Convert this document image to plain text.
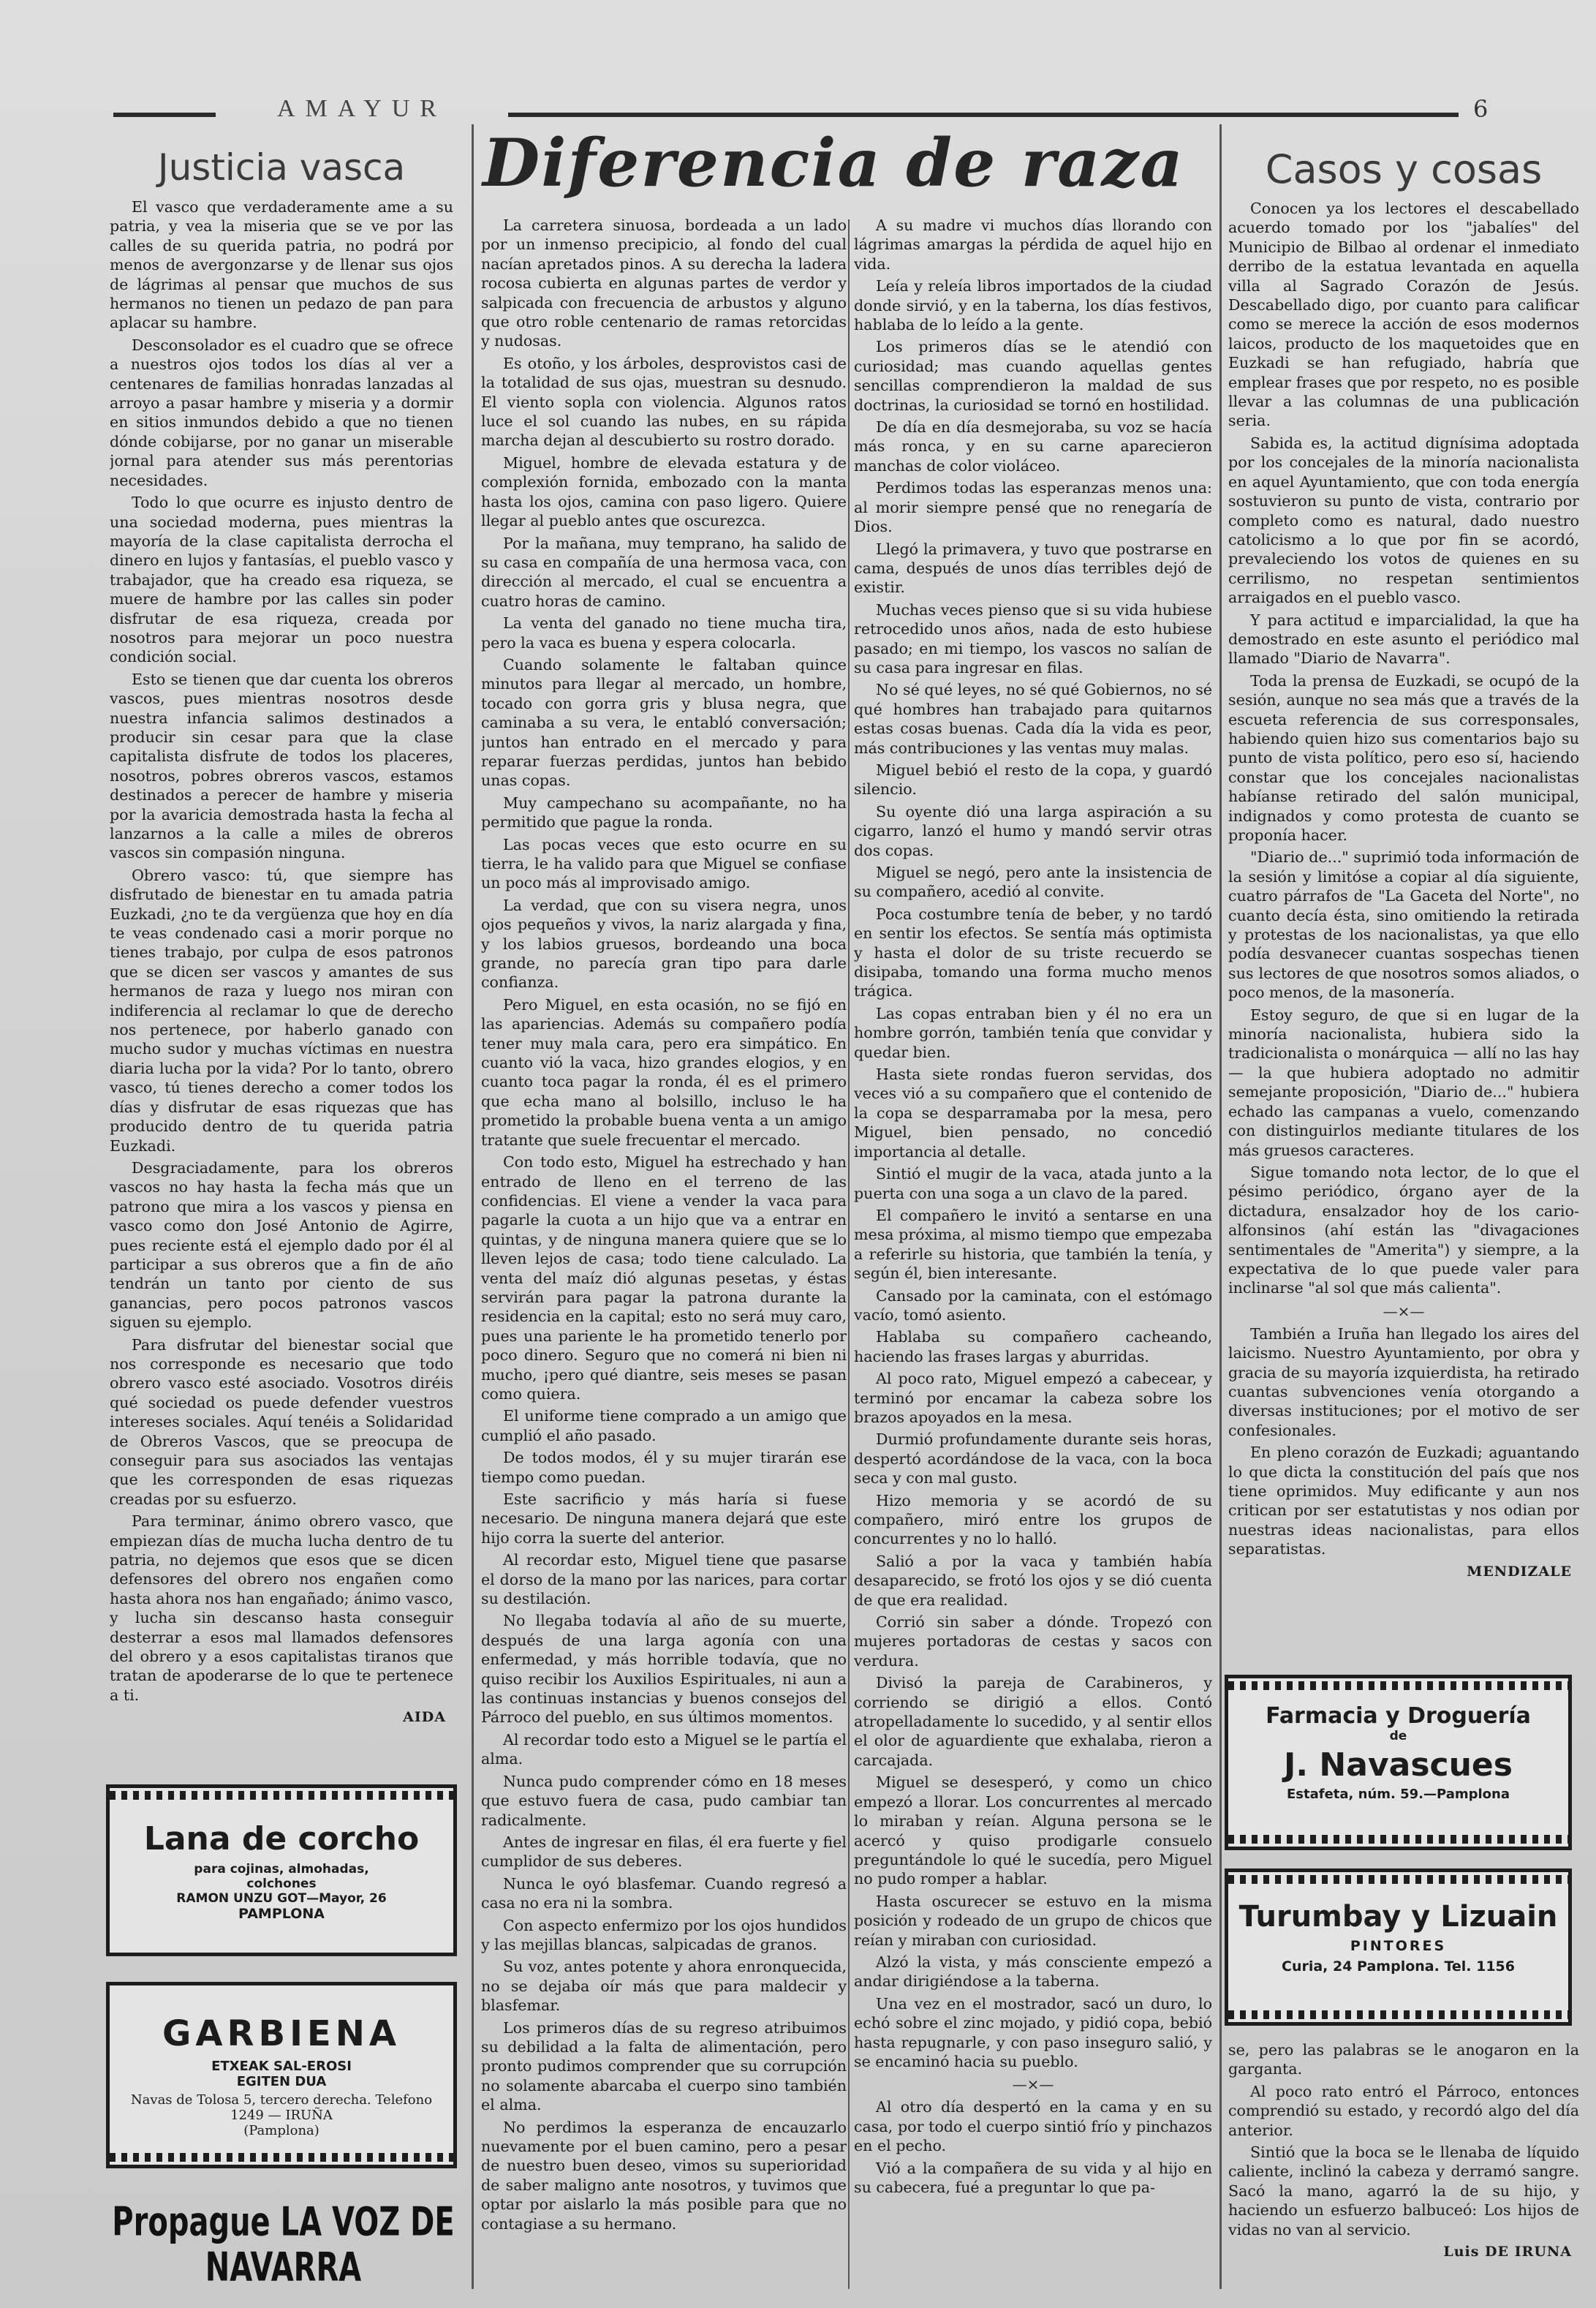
AMAYUR	6
Justicia vasca

El vasco que verdaderamente ame a su patria, y vea la miseria que se ve por las calles de su querida patria, no podrá por menos de avergonzarse y de llenar sus ojos de lágrimas al pensar que muchos de sus hermanos no tienen un pedazo de pan para aplacar su hambre.

Desconsolador es el cuadro que se ofrece a nuestros ojos todos los días al ver a centenares de familias honradas lanzadas al arroyo a pasar hambre y miseria y a dormir en sitios inmundos debido a que no tienen dónde cobijarse, por no ganar un miserable jornal para atender sus más perentorias necesidades.

Todo lo que ocurre es injusto dentro de una sociedad moderna, pues mientras la mayoría de la clase capitalista derrocha el dinero en lujos y fantasías, el pueblo vasco y trabajador, que ha creado esa riqueza, se muere de hambre por las calles sin poder disfrutar de esa riqueza, creada por nosotros para mejorar un poco nuestra condición social.

Esto se tienen que dar cuenta los obreros vascos, pues mientras nosotros desde nuestra infancia salimos destinados a producir sin cesar para que la clase capitalista disfrute de todos los placeres, nosotros, pobres obreros vascos, estamos destinados a perecer de hambre y miseria por la avaricia demostrada hasta la fecha al lanzarnos a la calle a miles de obreros vascos sin compasión ninguna.

Obrero vasco: tú, que siempre has disfrutado de bienestar en tu amada patria Euzkadi, ¿no te da vergüenza que hoy en día te veas condenado casi a morir porque no tienes trabajo, por culpa de esos patronos que se dicen ser vascos y amantes de sus hermanos de raza y luego nos miran con indiferencia al reclamar lo que de derecho nos pertenece, por haberlo ganado con mucho sudor y muchas víctimas en nuestra diaria lucha por la vida? Por lo tanto, obrero vasco, tú tienes derecho a comer todos los días y disfrutar de esas riquezas que has producido dentro de tu querida patria Euzkadi.

Desgraciadamente, para los obreros vascos no hay hasta la fecha más que un patrono que mira a los vascos y piensa en vasco como don José Antonio de Agirre, pues reciente está el ejemplo dado por él al participar a sus obreros que a fin de año tendrán un tanto por ciento de sus ganancias, pero pocos patronos vascos siguen su ejemplo.

Para disfrutar del bienestar social que nos corresponde es necesario que todo obrero vasco esté asociado. Vosotros diréis qué sociedad os puede defender vuestros intereses sociales. Aquí tenéis a Solidaridad de Obreros Vascos, que se preocupa de conseguir para sus asociados las ventajas que les corresponden de esas riquezas creadas por su esfuerzo.

Para terminar, ánimo obrero vasco, que empiezan días de mucha lucha dentro de tu patria, no dejemos que esos que se dicen defensores del obrero nos engañen como hasta ahora nos han engañado; ánimo vasco, y lucha sin descanso hasta conseguir desterrar a esos mal llamados defensores del obrero y a esos capitalistas tiranos que tratan de apoderarse de lo que te pertenece a ti.

AIDA
Lana de corcho
para cojinas, almohadas,
colchones
RAMON UNZU GOT—Mayor, 26
PAMPLONA
GARBIENA
ETXEAK SAL-EROSI
EGITEN DUA
Navas de Tolosa 5, tercero derecha. Telefono 1249 — IRUÑA
(Pamplona)
Propague LA VOZ DE NAVARRA
Diferencia de raza

La carretera sinuosa, bordeada a un lado por un inmenso precipicio, al fondo del cual nacían apretados pinos. A su derecha la ladera rocosa cubierta en algunas partes de verdor y salpicada con frecuencia de arbustos y alguno que otro roble centenario de ramas retorcidas y nudosas.

Es otoño, y los árboles, desprovistos casi de la totalidad de sus ojas, muestran su desnudo. El viento sopla con violencia. Algunos ratos luce el sol cuando las nubes, en su rápida marcha dejan al descubierto su rostro dorado.

Miguel, hombre de elevada estatura y de complexión fornida, embozado con la manta hasta los ojos, camina con paso ligero. Quiere llegar al pueblo antes que oscurezca.

Por la mañana, muy temprano, ha salido de su casa en compañía de una hermosa vaca, con dirección al mercado, el cual se encuentra a cuatro horas de camino.

La venta del ganado no tiene mucha tira, pero la vaca es buena y espera colocarla.

Cuando solamente le faltaban quince minutos para llegar al mercado, un hombre, tocado con gorra gris y blusa negra, que caminaba a su vera, le entabló conversación; juntos han entrado en el mercado y para reparar fuerzas perdidas, juntos han bebido unas copas.

Muy campechano su acompañante, no ha permitido que pague la ronda.

Las pocas veces que esto ocurre en su tierra, le ha valido para que Miguel se confiase un poco más al improvisado amigo.

La verdad, que con su visera negra, unos ojos pequeños y vivos, la nariz alargada y fina, y los labios gruesos, bordeando una boca grande, no parecía gran tipo para darle confianza.

Pero Miguel, en esta ocasión, no se fijó en las apariencias. Además su compañero podía tener muy mala cara, pero era simpático. En cuanto vió la vaca, hizo grandes elogios, y en cuanto toca pagar la ronda, él es el primero que echa mano al bolsillo, incluso le ha prometido la probable buena venta a un amigo tratante que suele frecuentar el mercado.

Con todo esto, Miguel ha estrechado y han entrado de lleno en el terreno de las confidencias. El viene a vender la vaca para pagarle la cuota a un hijo que va a entrar en quintas, y de ninguna manera quiere que se lo lleven lejos de casa; todo tiene calculado. La venta del maíz dió algunas pesetas, y éstas servirán para pagar la patrona durante la residencia en la capital; esto no será muy caro, pues una pariente le ha prometido tenerlo por poco dinero. Seguro que no comerá ni bien ni mucho, ¡pero qué diantre, seis meses se pasan como quiera.

El uniforme tiene comprado a un amigo que cumplió el año pasado.

De todos modos, él y su mujer tirarán ese tiempo como puedan.

Este sacrificio y más haría si fuese necesario. De ninguna manera dejará que este hijo corra la suerte del anterior.

Al recordar esto, Miguel tiene que pasarse el dorso de la mano por las narices, para cortar su destilación.

No llegaba todavía al año de su muerte, después de una larga agonía con una enfermedad, y más horrible todavía, que no quiso recibir los Auxilios Espirituales, ni aun a las continuas instancias y buenos consejos del Párroco del pueblo, en sus últimos momentos.

Al recordar todo esto a Miguel se le partía el alma.

Nunca pudo comprender cómo en 18 meses que estuvo fuera de casa, pudo cambiar tan radicalmente.

Antes de ingresar en filas, él era fuerte y fiel cumplidor de sus deberes.

Nunca le oyó blasfemar. Cuando regresó a casa no era ni la sombra.

Con aspecto enfermizo por los ojos hundidos y las mejillas blancas, salpicadas de granos.

Su voz, antes potente y ahora enronquecida, no se dejaba oír más que para maldecir y blasfemar.

Los primeros días de su regreso atribuimos su debilidad a la falta de alimentación, pero pronto pudimos comprender que su corrupción no solamente abarcaba el cuerpo sino también el alma.

No perdimos la esperanza de encauzarlo nuevamente por el buen camino, pero a pesar de nuestro buen deseo, vimos su superioridad de saber maligno ante nosotros, y tuvimos que optar por aislarlo la más posible para que no contagiase a su hermano.

A su madre vi muchos días llorando con lágrimas amargas la pérdida de aquel hijo en vida.

Leía y releía libros importados de la ciudad donde sirvió, y en la taberna, los días festivos, hablaba de lo leído a la gente.

Los primeros días se le atendió con curiosidad; mas cuando aquellas gentes sencillas comprendieron la maldad de sus doctrinas, la curiosidad se tornó en hostilidad.

De día en día desmejoraba, su voz se hacía más ronca, y en su carne aparecieron manchas de color violáceo.

Perdimos todas las esperanzas menos una: al morir siempre pensé que no renegaría de Dios.

Llegó la primavera, y tuvo que postrarse en cama, después de unos días terribles dejó de existir.

Muchas veces pienso que si su vida hubiese retrocedido unos años, nada de esto hubiese pasado; en mi tiempo, los vascos no salían de su casa para ingresar en filas.

No sé qué leyes, no sé qué Gobiernos, no sé qué hombres han trabajado para quitarnos estas cosas buenas. Cada día la vida es peor, más contribuciones y las ventas muy malas.

Miguel bebió el resto de la copa, y guardó silencio.

Su oyente dió una larga aspiración a su cigarro, lanzó el humo y mandó servir otras dos copas.

Miguel se negó, pero ante la insistencia de su compañero, acedió al convite.

Poca costumbre tenía de beber, y no tardó en sentir los efectos. Se sentía más optimista y hasta el dolor de su triste recuerdo se disipaba, tomando una forma mucho menos trágica.

Las copas entraban bien y él no era un hombre gorrón, también tenía que convidar y quedar bien.

Hasta siete rondas fueron servidas, dos veces vió a su compañero que el contenido de la copa se desparramaba por la mesa, pero Miguel, bien pensado, no concedió importancia al detalle.

Sintió el mugir de la vaca, atada junto a la puerta con una soga a un clavo de la pared.

El compañero le invitó a sentarse en una mesa próxima, al mismo tiempo que empezaba a referirle su historia, que también la tenía, y según él, bien interesante.

Cansado por la caminata, con el estómago vacío, tomó asiento.

Hablaba su compañero cacheando, haciendo las frases largas y aburridas.

Al poco rato, Miguel empezó a cabecear, y terminó por encamar la cabeza sobre los brazos apoyados en la mesa.

Durmió profundamente durante seis horas, despertó acordándose de la vaca, con la boca seca y con mal gusto.

Hizo memoria y se acordó de su compañero, miró entre los grupos de concurrentes y no lo halló.

Salió a por la vaca y también había desaparecido, se frotó los ojos y se dió cuenta de que era realidad.

Corrió sin saber a dónde. Tropezó con mujeres portadoras de cestas y sacos con verdura.

Divisó la pareja de Carabineros, y corriendo se dirigió a ellos. Contó atropelladamente lo sucedido, y al sentir ellos el olor de aguardiente que exhalaba, rieron a carcajada.

Miguel se desesperó, y como un chico empezó a llorar. Los concurrentes al mercado lo miraban y reían. Alguna persona se le acercó y quiso prodigarle consuelo preguntándole lo qué le sucedía, pero Miguel no pudo romper a hablar.

Hasta oscurecer se estuvo en la misma posición y rodeado de un grupo de chicos que reían y miraban con curiosidad.

Alzó la vista, y más consciente empezó a andar dirigiéndose a la taberna.

Una vez en el mostrador, sacó un duro, lo echó sobre el zinc mojado, y pidió copa, bebió hasta repugnarle, y con paso inseguro salió, y se encaminó hacia su pueblo.

—×—

Al otro día despertó en la cama y en su casa, por todo el cuerpo sintió frío y pinchazos en el pecho.

Vió a la compañera de su vida y al hijo en su cabecera, fué a preguntar lo que pa-

Casos y cosas

Conocen ya los lectores el descabellado acuerdo tomado por los "jabalíes" del Municipio de Bilbao al ordenar el inmediato derribo de la estatua levantada en aquella villa al Sagrado Corazón de Jesús. Descabellado digo, por cuanto para calificar como se merece la acción de esos modernos laicos, producto de los maquetoides que en Euzkadi se han refugiado, habría que emplear frases que por respeto, no es posible llevar a las columnas de una publicación seria.

Sabida es, la actitud dignísima adoptada por los concejales de la minoría nacionalista en aquel Ayuntamiento, que con toda energía sostuvieron su punto de vista, contrario por completo como es natural, dado nuestro catolicismo a lo que por fin se acordó, prevaleciendo los votos de quienes en su cerrilismo, no respetan sentimientos arraigados en el pueblo vasco.

Y para actitud e imparcialidad, la que ha demostrado en este asunto el periódico mal llamado "Diario de Navarra".

Toda la prensa de Euzkadi, se ocupó de la sesión, aunque no sea más que a través de la escueta referencia de sus corresponsales, habiendo quien hizo sus comentarios bajo su punto de vista político, pero eso sí, haciendo constar que los concejales nacionalistas habíanse retirado del salón municipal, indignados y como protesta de cuanto se proponía hacer.

"Diario de..." suprimió toda información de la sesión y limitóse a copiar al día siguiente, cuatro párrafos de "La Gaceta del Norte", no cuanto decía ésta, sino omitiendo la retirada y protestas de los nacionalistas, ya que ello podía desvanecer cuantas sospechas tienen sus lectores de que nosotros somos aliados, o poco menos, de la masonería.

Estoy seguro, de que si en lugar de la minoría nacionalista, hubiera sido la tradicionalista o monárquica — allí no las hay — la que hubiera adoptado no admitir semejante proposición, "Diario de..." hubiera echado las campanas a vuelo, comenzando con distinguirlos mediante titulares de los más gruesos caracteres.

Sigue tomando nota lector, de lo que el pésimo periódico, órgano ayer de la dictadura, ensalzador hoy de los cario-alfonsinos (ahí están las "divagaciones sentimentales de "Amerita") y siempre, a la expectativa de lo que puede valer para inclinarse "al sol que más calienta".

—×—

También a Iruña han llegado los aires del laicismo. Nuestro Ayuntamiento, por obra y gracia de su mayoría izquierdista, ha retirado cuantas subvenciones venía otorgando a diversas instituciones; por el motivo de ser confesionales.

En pleno corazón de Euzkadi; aguantando lo que dicta la constitución del país que nos tiene oprimidos. Muy edificante y aun nos critican por ser estatutistas y nos odian por nuestras ideas nacionalistas, para ellos separatistas.

MENDIZALE
Farmacia y Droguería
de
J. Navascues
Estafeta, núm. 59.—Pamplona
Turumbay y Lizuain
PINTORES
Curia, 24 Pamplona. Tel. 1156

se, pero las palabras se le anogaron en la garganta.

Al poco rato entró el Párroco, entonces comprendió su estado, y recordó algo del día anterior.

Sintió que la boca se le llenaba de líquido caliente, inclinó la cabeza y derramó sangre. Sacó la mano, agarró la de su hijo, y haciendo un esfuerzo balbuceó: Los hijos de vidas no van al servicio.

Luis DE IRUNA
